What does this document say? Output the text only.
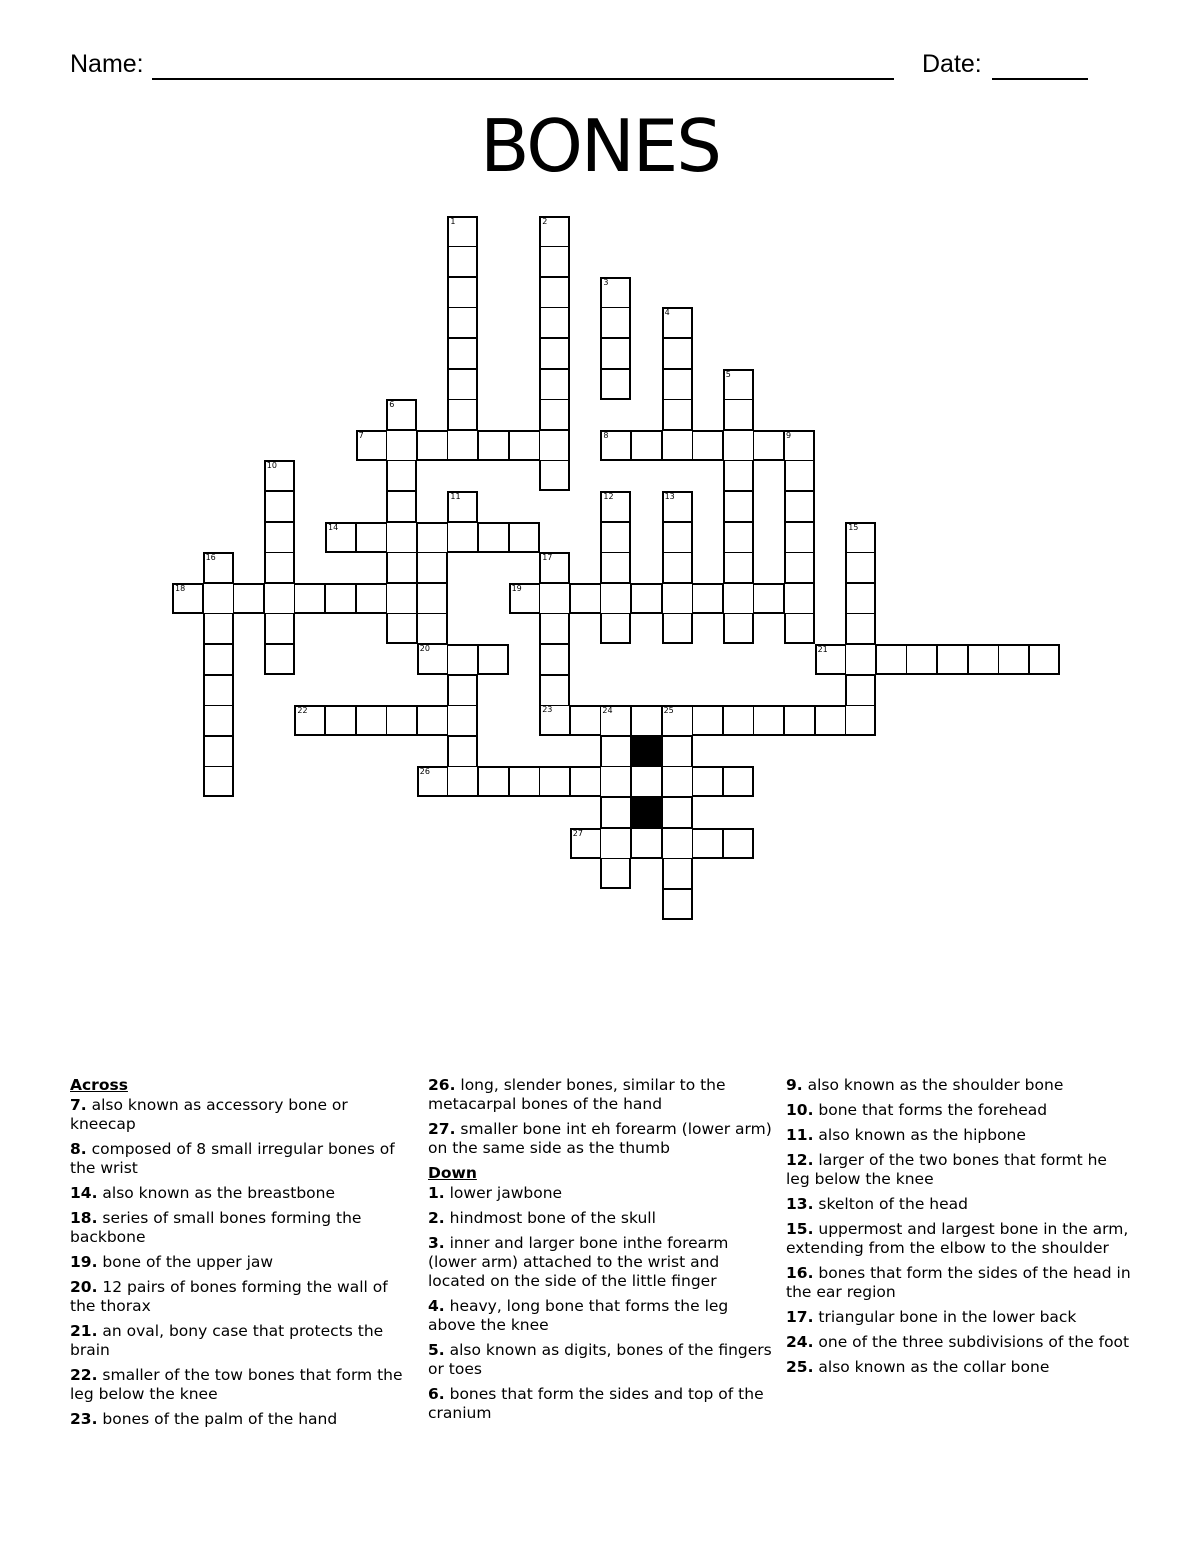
Name:	Date:
BONES
1	2
3
4
5
6
7	8	9
10
11	12	13
14	15
16	17
18	19
20	21
22	23	24	25
26
27
Across
7. also known as accessory bone or kneecap
8. composed of 8 small irregular bones of the wrist
14. also known as the breastbone
18. series of small bones forming the backbone
19. bone of the upper jaw
20. 12 pairs of bones forming the wall of the thorax
21. an oval, bony case that protects the brain
22. smaller of the tow bones that form the leg below the knee
23. bones of the palm of the hand
26. long, slender bones, similar to the metacarpal bones of the hand
27. smaller bone int eh forearm (lower arm) on the same side as the thumb
Down
1. lower jawbone
2. hindmost bone of the skull
3. inner and larger bone inthe forearm (lower arm) attached to the wrist and located on the side of the little finger
4. heavy, long bone that forms the leg above the knee
5. also known as digits, bones of the fingers or toes
6. bones that form the sides and top of the cranium
9. also known as the shoulder bone
10. bone that forms the forehead
11. also known as the hipbone
12. larger of the two bones that formt he leg below the knee
13. skelton of the head
15. uppermost and largest bone in the arm, extending from the elbow to the shoulder
16. bones that form the sides of the head in the ear region
17. triangular bone in the lower back
24. one of the three subdivisions of the foot
25. also known as the collar bone
